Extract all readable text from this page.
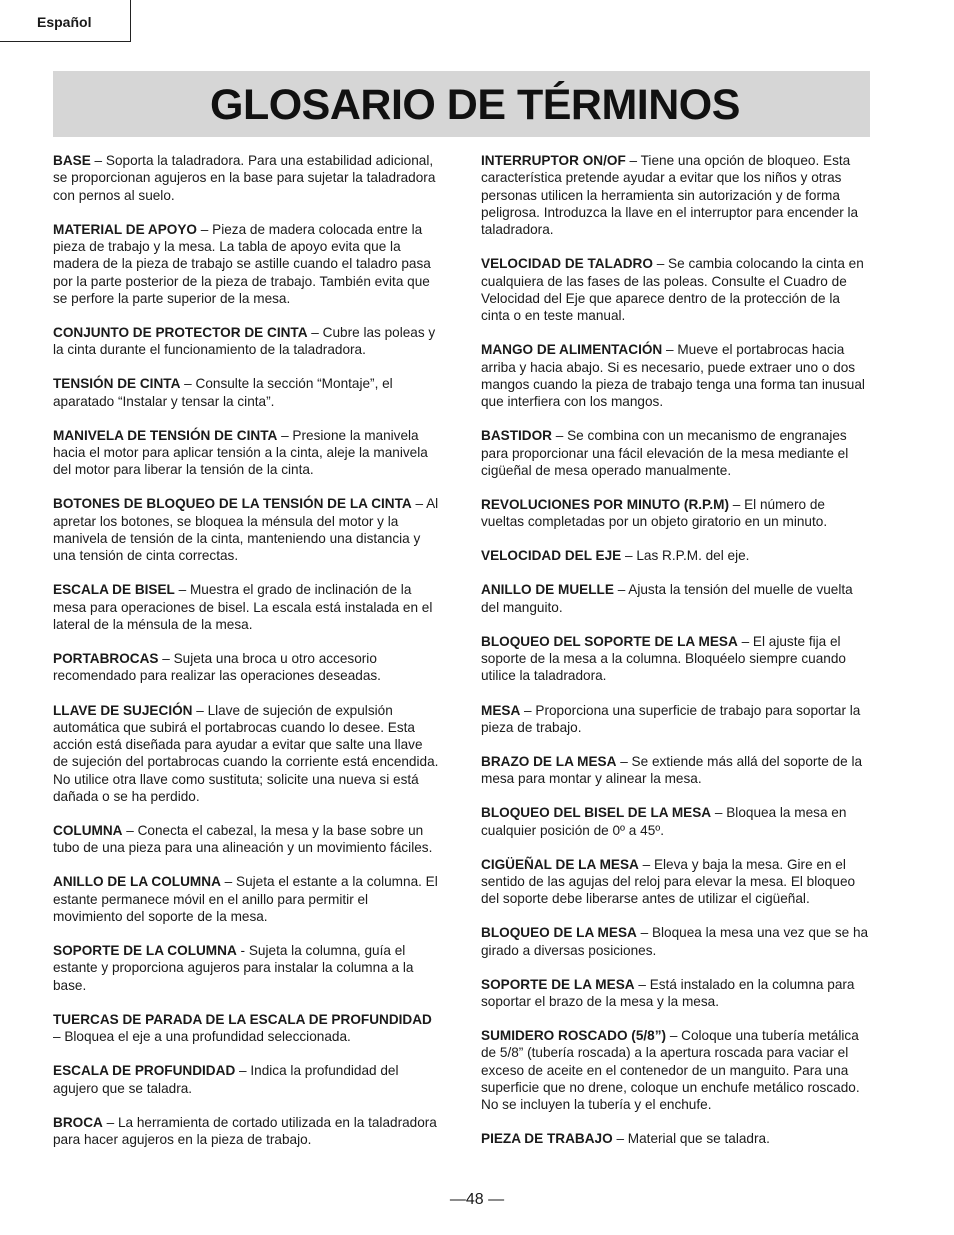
Español
GLOSARIO DE TÉRMINOS

BASE – Soporta la taladradora. Para una estabilidad adicional, se proporcionan agujeros en la base para sujetar la taladradora con pernos al suelo.

MATERIAL DE APOYO – Pieza de madera colocada entre la pieza de trabajo y la mesa. La tabla de apoyo evita que la madera de la pieza de trabajo se astille cuando el taladro pasa por la parte posterior de la pieza de trabajo. También evita que se perfore la parte superior de la mesa.

CONJUNTO DE PROTECTOR DE CINTA – Cubre las poleas y la cinta durante el funcionamiento de la taladradora.

TENSIÓN DE CINTA – Consulte la sección “Montaje”, el aparatado “Instalar y tensar la cinta”.

MANIVELA DE TENSIÓN DE CINTA – Presione la manivela hacia el motor para aplicar tensión a la cinta, aleje la manivela del motor para liberar la tensión de la cinta.

BOTONES DE BLOQUEO DE LA TENSIÓN DE LA CINTA – Al apretar los botones, se bloquea la ménsula del motor y la manivela de tensión de la cinta, manteniendo una distancia y una tensión de cinta correctas.

ESCALA DE BISEL – Muestra el grado de inclinación de la mesa para operaciones de bisel. La escala está instalada en el lateral de la ménsula de la mesa.

PORTABROCAS – Sujeta una broca u otro accesorio recomendado para realizar las operaciones deseadas.

LLAVE DE SUJECIÓN – Llave de sujeción de expulsión automática que subirá el portabrocas cuando lo desee. Esta acción está diseñada para ayudar a evitar que salte una llave de sujeción del portabrocas cuando la corriente está encendida. No utilice otra llave como sustituta; solicite una nueva si está dañada o se ha perdido.

COLUMNA – Conecta el cabezal, la mesa y la base sobre un tubo de una pieza para una alineación y un movimiento fáciles.

ANILLO DE LA COLUMNA – Sujeta el estante a la columna. El estante permanece móvil en el anillo para permitir el movimiento del soporte de la mesa.

SOPORTE DE LA COLUMNA - Sujeta la columna, guía el estante y proporciona agujeros para instalar la columna a la base.

TUERCAS DE PARADA DE LA ESCALA DE PROFUNDIDAD – Bloquea el eje a una profundidad seleccionada.

ESCALA DE PROFUNDIDAD – Indica la profundidad del agujero que se taladra.

BROCA – La herramienta de cortado utilizada en la taladradora para hacer agujeros en la pieza de trabajo.

INTERRUPTOR ON/OF – Tiene una opción de bloqueo. Esta característica pretende ayudar a evitar que los niños y otras personas utilicen la herramienta sin autorización y de forma peligrosa. Introduzca la llave en el interruptor para encender la taladradora.

VELOCIDAD DE TALADRO – Se cambia colocando la cinta en cualquiera de las fases de las poleas. Consulte el Cuadro de Velocidad del Eje que aparece dentro de la protección de la cinta o en teste manual.

MANGO DE ALIMENTACIÓN – Mueve el portabrocas hacia arriba y hacia abajo. Si es necesario, puede extraer uno o dos mangos cuando la pieza de trabajo tenga una forma tan inusual que interfiera con los mangos.

BASTIDOR – Se combina con un mecanismo de engranajes para proporcionar una fácil elevación de la mesa mediante el cigüeñal de mesa operado manualmente.

REVOLUCIONES POR MINUTO (R.P.M) – El número de vueltas completadas por un objeto giratorio en un minuto.

VELOCIDAD DEL EJE – Las R.P.M. del eje.

ANILLO DE MUELLE – Ajusta la tensión del muelle de vuelta del manguito.

BLOQUEO DEL SOPORTE DE LA MESA – El ajuste fija el soporte de la mesa a la columna. Bloquéelo siempre cuando utilice la taladradora.

MESA – Proporciona una superficie de trabajo para soportar la pieza de trabajo.

BRAZO DE LA MESA – Se extiende más allá del soporte de la mesa para montar y alinear la mesa.

BLOQUEO DEL BISEL DE LA MESA – Bloquea la mesa en cualquier posición de 0º a 45º.

CIGÜEÑAL DE LA MESA – Eleva y baja la mesa. Gire en el sentido de las agujas del reloj para elevar la mesa. El bloqueo del soporte debe liberarse antes de utilizar el cigüeñal.

BLOQUEO DE LA MESA – Bloquea la mesa una vez que se ha girado a diversas posiciones.

SOPORTE DE LA MESA – Está instalado en la columna para soportar el brazo de la mesa y la mesa.

SUMIDERO ROSCADO (5/8”) – Coloque una tubería metálica de 5/8” (tubería roscada) a la apertura roscada para vaciar el exceso de aceite en el contenedor de un manguito. Para una superficie que no drene, coloque un enchufe metálico roscado. No se incluyen la tubería y el enchufe.

PIEZA DE TRABAJO – Material que se taladra.

—48 —
